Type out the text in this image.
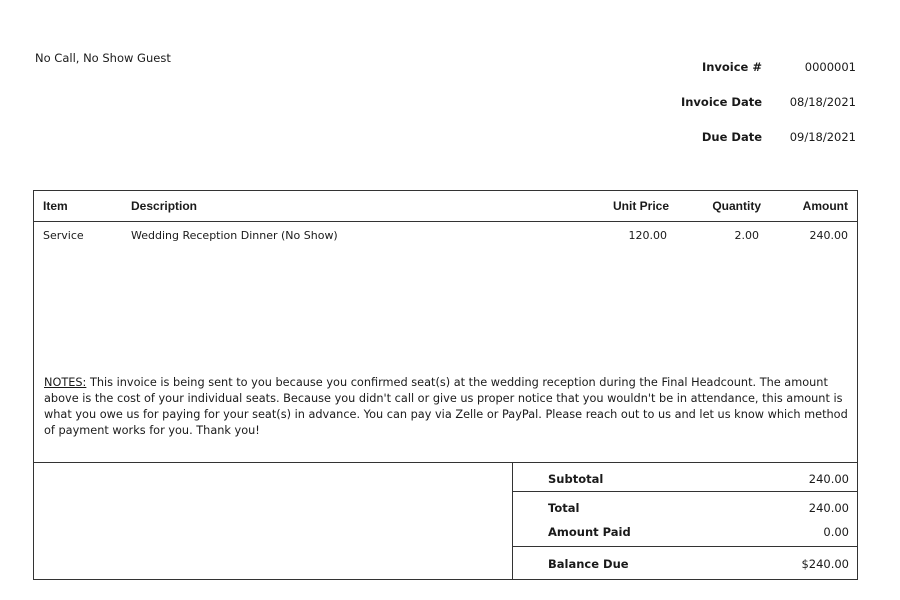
No Call, No Show Guest
Invoice #	0000001
Invoice Date 08/18/2021
Due Date 09/18/2021
Item	Description	Unit Price	Quantity	Amount
Service	Wedding Reception Dinner (No Show)	120.00	2.00	240.00
NOTES: This invoice is being sent to you because you confirmed seat(s) at the wedding reception during the Final Headcount. The amount above is the cost of your individual seats. Because you didn't call or give us proper notice that you wouldn't be in attendance, this amount is what you owe us for paying for your seat(s) in advance. You can pay via Zelle or PayPal. Please reach out to us and let us know which method of payment works for you. Thank you!
Subtotal	240.00
Total	240.00
Amount Paid	0.00
Balance Due	$240.00
